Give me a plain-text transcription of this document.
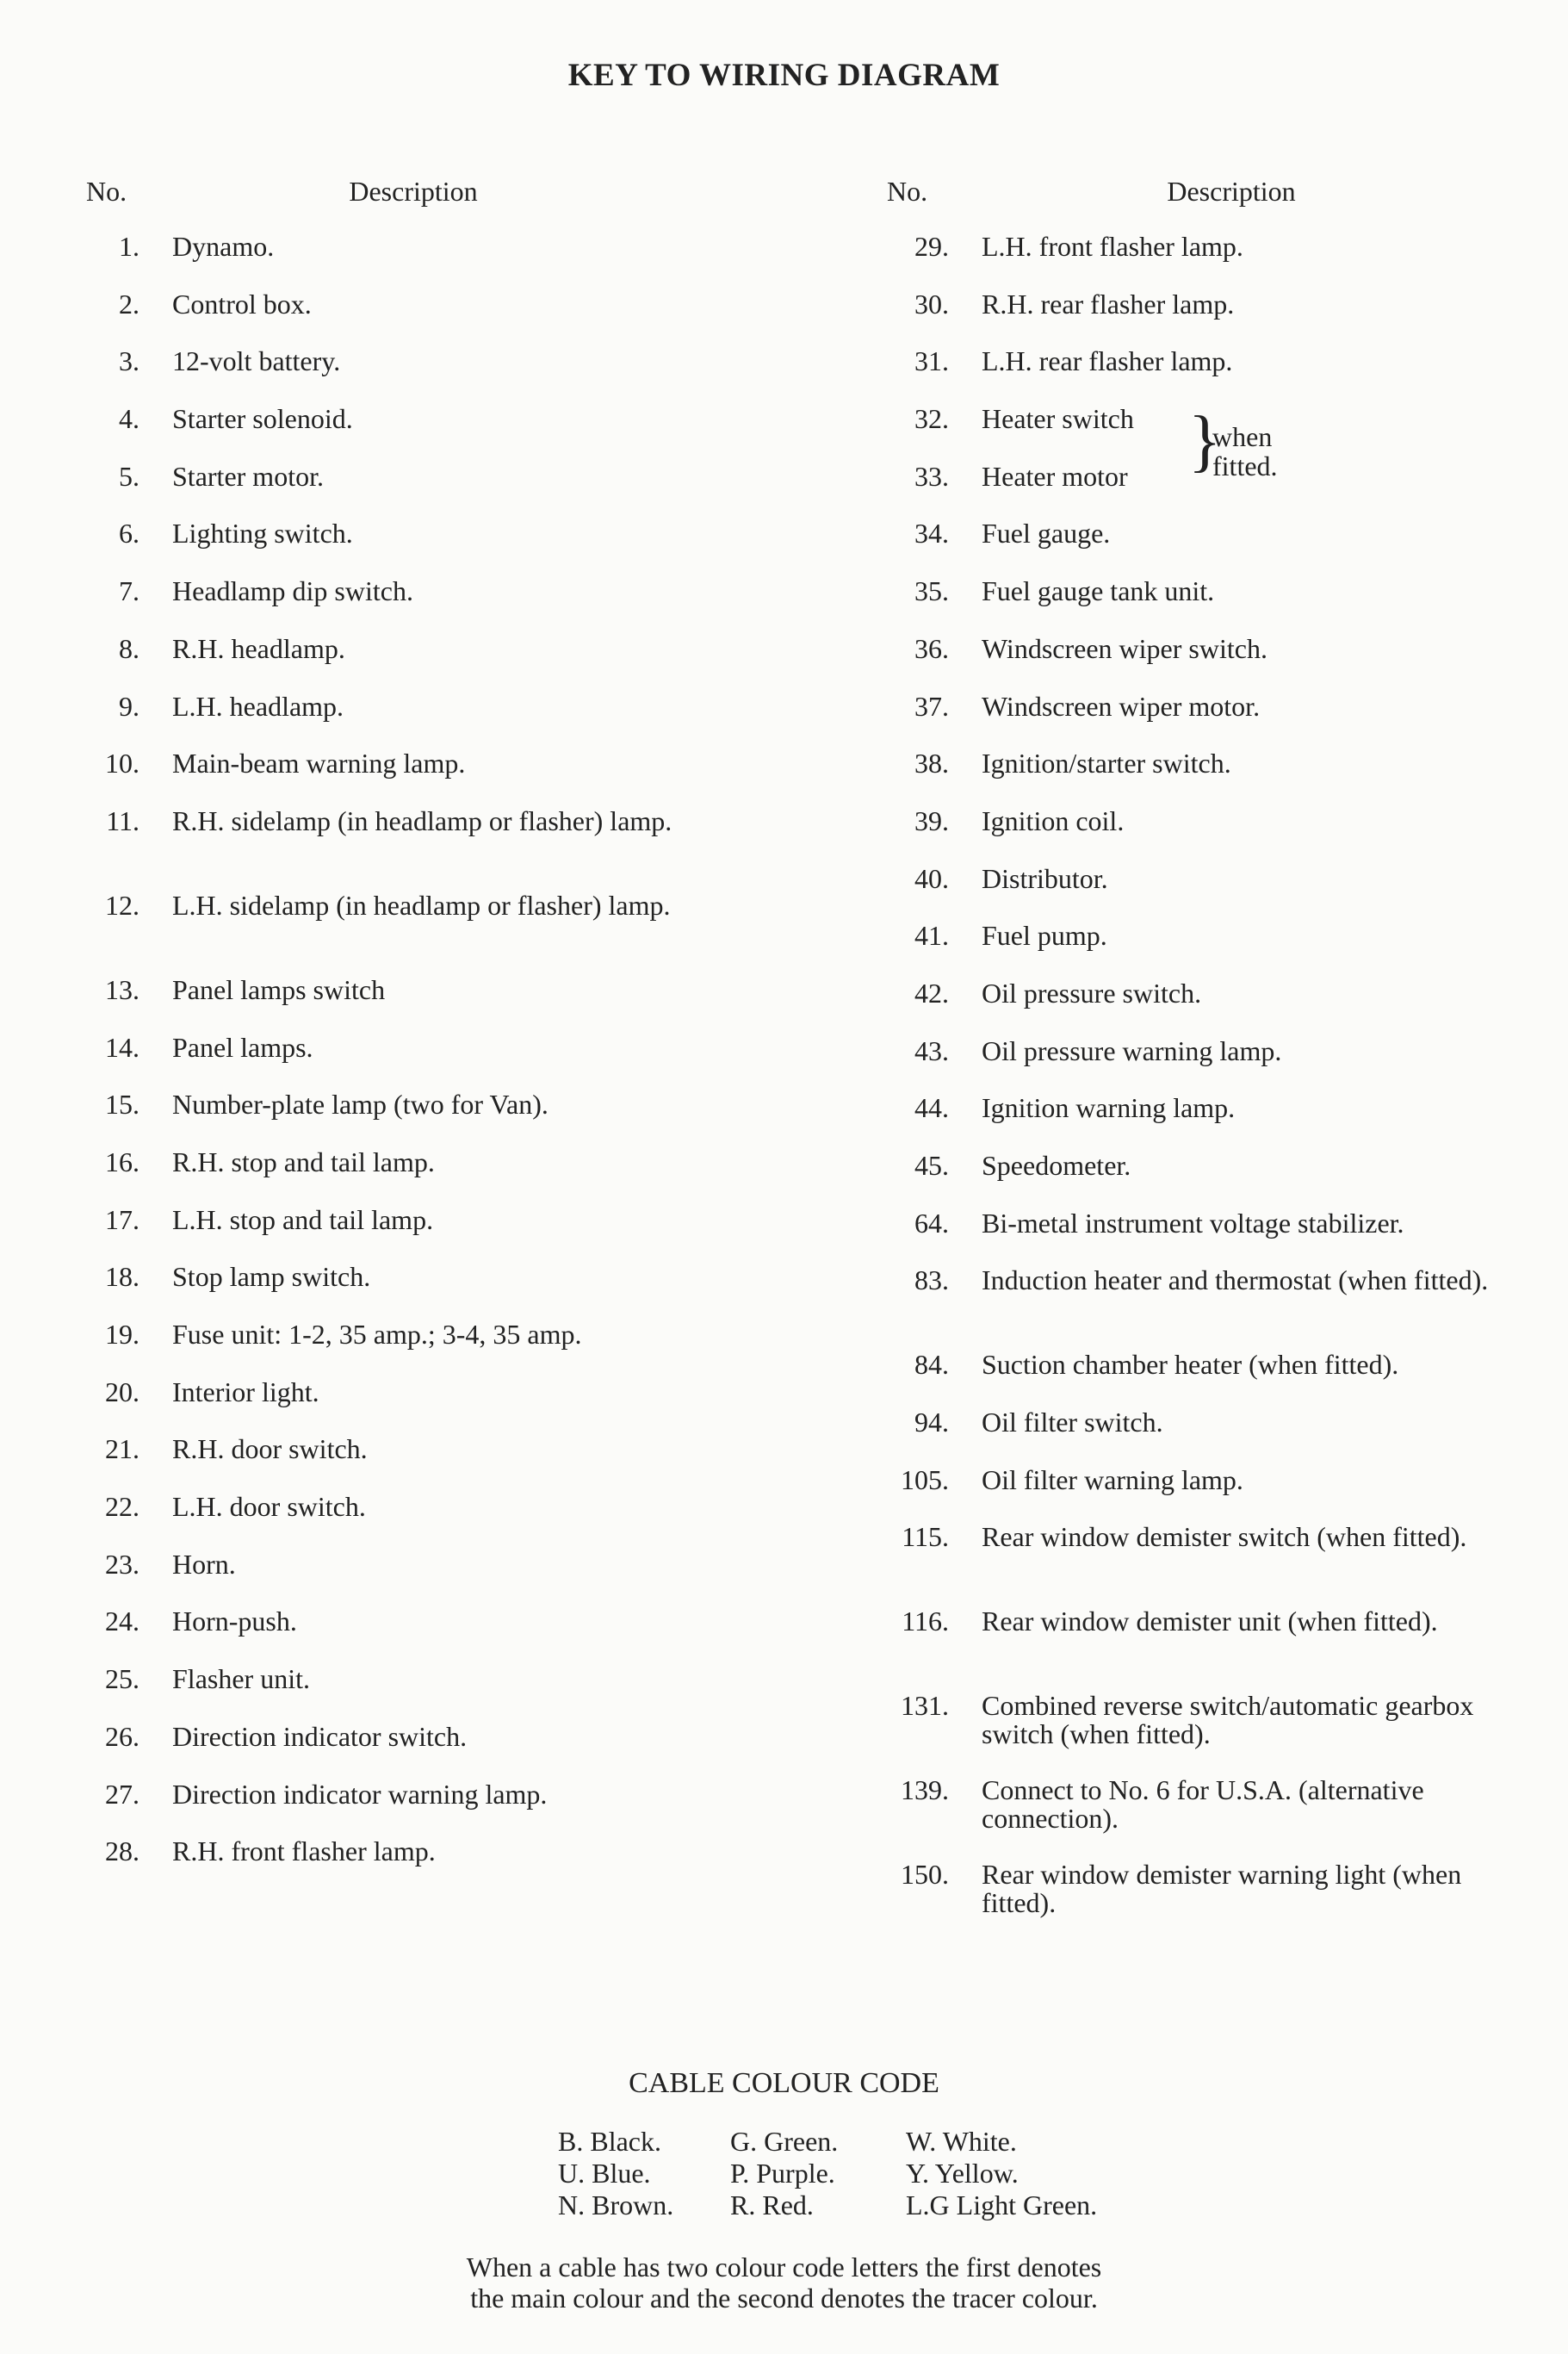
KEY TO WIRING DIAGRAM
No.	Description
1.	Dynamo.
2.	Control box.
3.	12-volt battery.
4.	Starter solenoid.
5.	Starter motor.
6.	Lighting switch.
7.	Headlamp dip switch.
8.	R.H. headlamp.
9.	L.H. headlamp.
10.	Main-beam warning lamp.
11.	R.H. sidelamp (in headlamp or flasher) lamp.
12.	L.H. sidelamp (in headlamp or flasher) lamp.
13.	Panel lamps switch
14.	Panel lamps.
15.	Number-plate lamp (two for Van).
16.	R.H. stop and tail lamp.
17.	L.H. stop and tail lamp.
18.	Stop lamp switch.
19.	Fuse unit: 1-2, 35 amp.; 3-4, 35 amp.
20.	Interior light.
21.	R.H. door switch.
22.	L.H. door switch.
23.	Horn.
24.	Horn-push.
25.	Flasher unit.
26.	Direction indicator switch.
27.	Direction indicator warning lamp.
28.	R.H. front flasher lamp.
No.	Description
29.	L.H. front flasher lamp.
30.	R.H. rear flasher lamp.
31.	L.H. rear flasher lamp.
32.	Heater switch
33.	Heater motor
34.	Fuel gauge.
35.	Fuel gauge tank unit.
36.	Windscreen wiper switch.
37.	Windscreen wiper motor.
38.	Ignition/starter switch.
39.	Ignition coil.
40.	Distributor.
41.	Fuel pump.
42.	Oil pressure switch.
43.	Oil pressure warning lamp.
44.	Ignition warning lamp.
45.	Speedometer.
64.	Bi-metal instrument voltage stabilizer.
83.	Induction heater and thermostat (when fitted).
84.	Suction chamber heater (when fitted).
94.	Oil filter switch.
105.	Oil filter warning lamp.
115.	Rear window demister switch (when fitted).
116.	Rear window demister unit (when fitted).
131.	Combined reverse switch/automatic gearbox switch (when fitted).
139.	Connect to No. 6 for U.S.A. (alternative connection).
150.	Rear window demister warning light (when fitted).
}
when fitted.
CABLE COLOUR CODE
B. Black.	G. Green.	W. White.
U. Blue.	P. Purple.	Y. Yellow.
N. Brown.	R. Red.	L.G Light Green.
When a cable has two colour code letters the first denotes
the main colour and the second denotes the tracer colour.
